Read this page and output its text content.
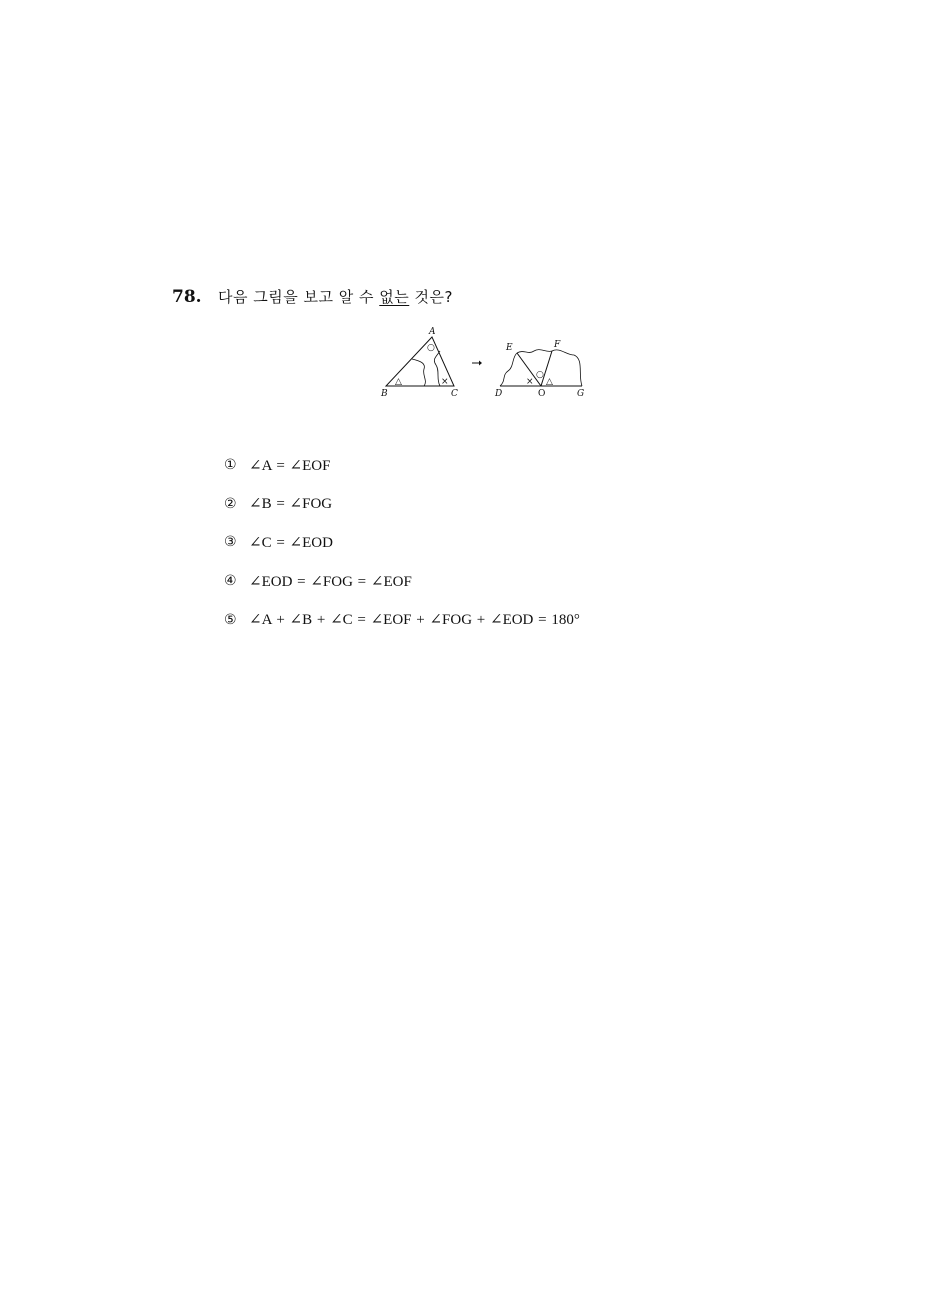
78.	다음 그림을 보고 알 수 없는 것은?
A
B	C
○
△	×
E	F
D	O	G
○
× △
① ∠A = ∠EOF
② ∠B = ∠FOG
③ ∠C = ∠EOD
④ ∠EOD = ∠FOG = ∠EOF
⑤ ∠A + ∠B + ∠C = ∠EOF + ∠FOG + ∠EOD = 180°
